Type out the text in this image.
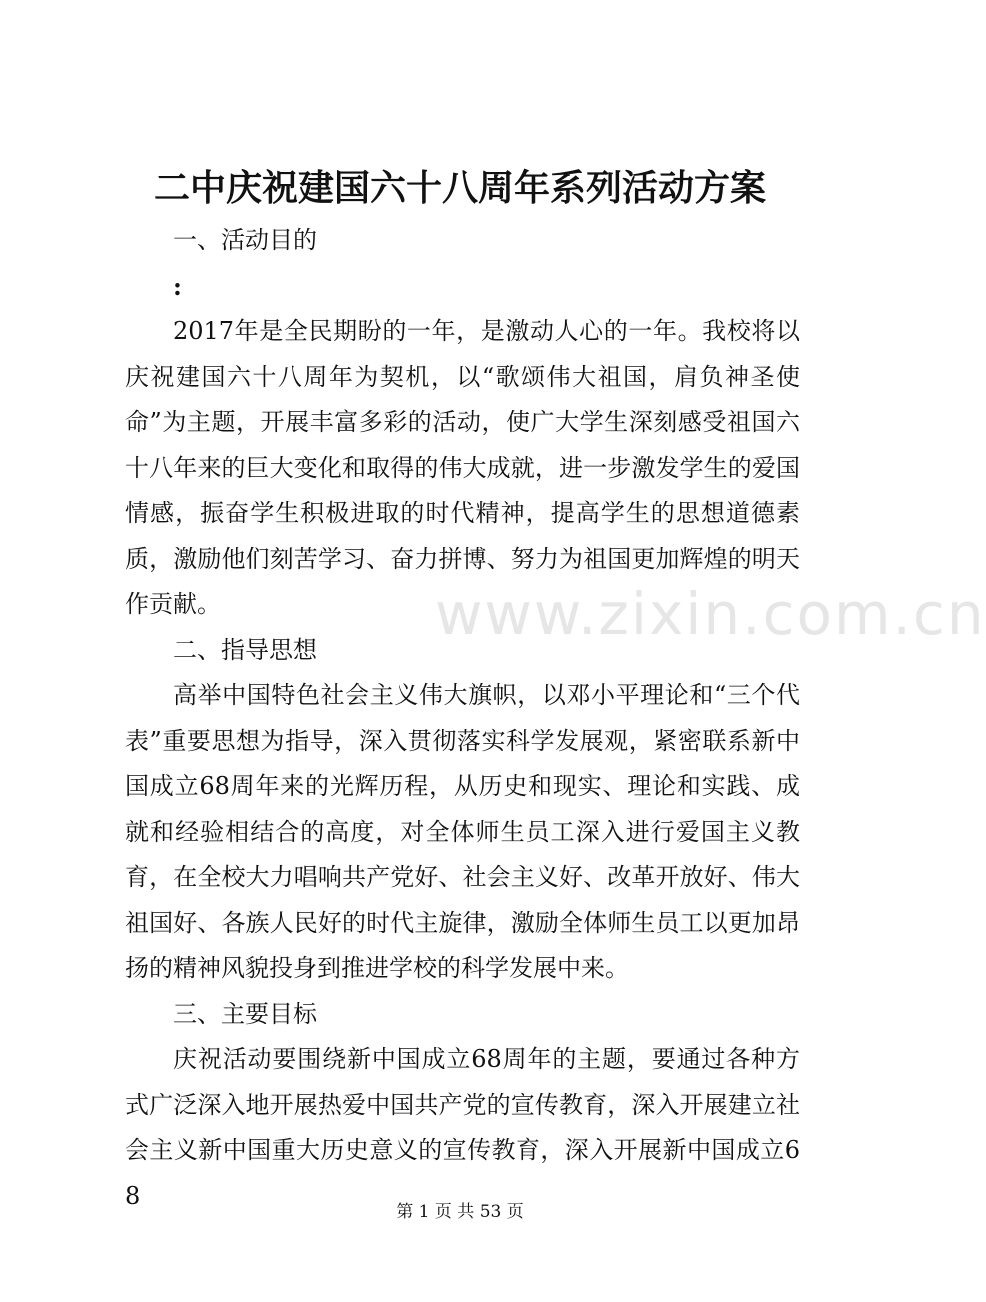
二中庆祝建国六十八周年系列活动方案

一、活动目的

:

2017年是全民期盼的一年，是激动人心的一年。我校将以庆祝建国六十八周年为契机，以“歌颂伟大祖国，肩负神圣使命”为主题，开展丰富多彩的活动，使广大学生深刻感受祖国六十八年来的巨大变化和取得的伟大成就，进一步激发学生的爱国情感，振奋学生积极进取的时代精神，提高学生的思想道德素质，激励他们刻苦学习、奋力拼博、努力为祖国更加辉煌的明天作贡献。

二、指导思想

高举中国特色社会主义伟大旗帜，以邓小平理论和“三个代表”重要思想为指导，深入贯彻落实科学发展观，紧密联系新中国成立68周年来的光辉历程，从历史和现实、理论和实践、成就和经验相结合的高度，对全体师生员工深入进行爱国主义教育，在全校大力唱响共产党好、社会主义好、改革开放好、伟大祖国好、各族人民好的时代主旋律，激励全体师生员工以更加昂扬的精神风貌投身到推进学校的科学发展中来。

三、主要目标

庆祝活动要围绕新中国成立68周年的主题，要通过各种方式广泛深入地开展热爱中国共产党的宣传教育，深入开展建立社会主义新中国重大历史意义的宣传教育，深入开展新中国成立68

www.zixin.com.cn
第 1 页 共 53 页
